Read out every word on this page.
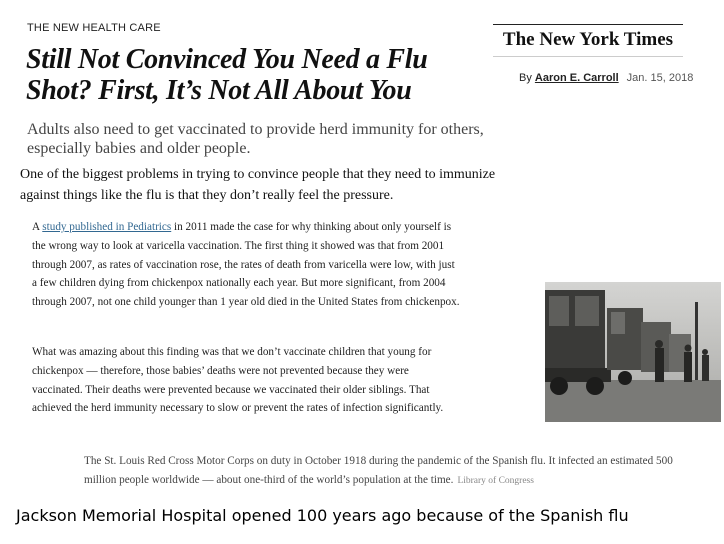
THE NEW HEALTH CARE
Still Not Convinced You Need a Flu Shot? First, It’s Not All About You
Adults also need to get vaccinated to provide herd immunity for others, especially babies and older people.
The New York Times
By Aaron E. Carroll Jan. 15, 2018
One of the biggest problems in trying to convince people that they need to immunize against things like the flu is that they don’t really feel the pressure.
A study published in Pediatrics in 2011 made the case for why thinking about only yourself is the wrong way to look at varicella vaccination. The first thing it showed was that from 2001 through 2007, as rates of vaccination rose, the rates of death from varicella were low, with just a few children dying from chickenpox nationally each year. But more significant, from 2004 through 2007, not one child younger than 1 year old died in the United States from chickenpox.
What was amazing about this finding was that we don’t vaccinate children that young for chickenpox — therefore, those babies’ deaths were not prevented because they were vaccinated. Their deaths were prevented because we vaccinated their older siblings. That achieved the herd immunity necessary to slow or prevent the rates of infection significantly.
The St. Louis Red Cross Motor Corps on duty in October 1918 during the pandemic of the Spanish flu. It infected an estimated 500 million people worldwide — about one-third of the world’s population at the time. Library of Congress
Jackson Memorial Hospital opened 100 years ago because of the Spanish flu
